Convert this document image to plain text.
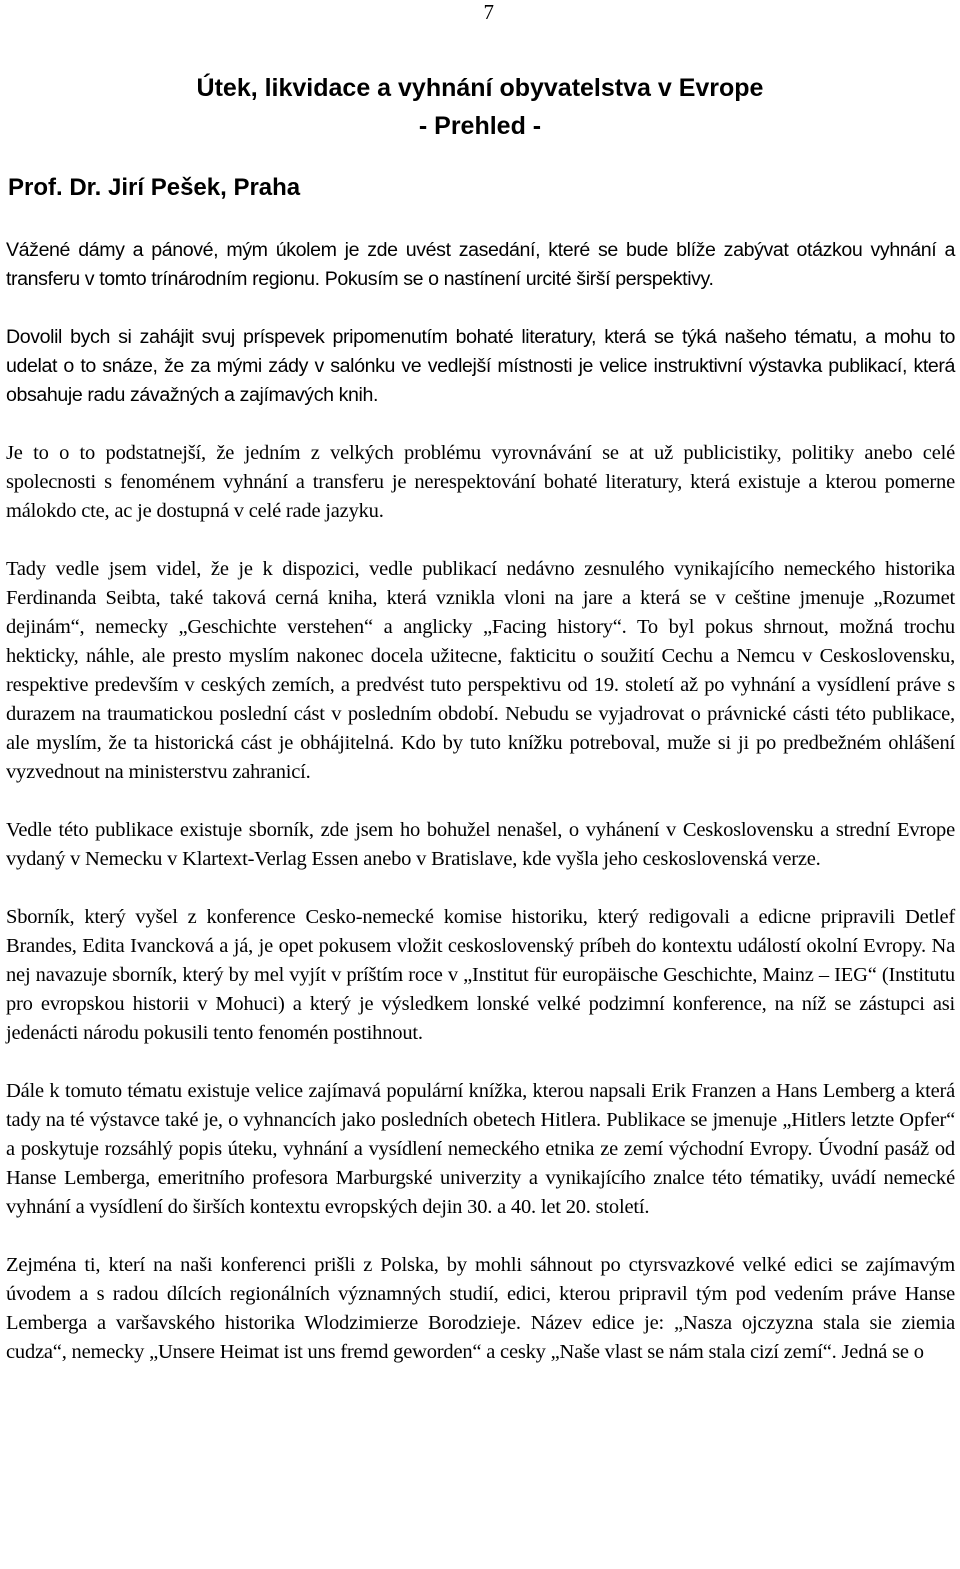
7
Útek, likvidace a vyhnání obyvatelstva v Evrope
- Prehled -
Prof. Dr. Jirí Pešek, Praha

Vážené dámy a pánové, mým úkolem je zde uvést zasedání, které se bude blíže zabývat otázkou vyhnání a transferu v tomto trínárodním regionu. Pokusím se o nastínení urcité širší perspektivy.

Dovolil bych si zahájit svuj príspevek pripomenutím bohaté literatury, která se týká našeho tématu, a mohu to udelat o to snáze, že za mými zády v salónku ve vedlejší místnosti je velice instruktivní výstavka publikací, která obsahuje radu závažných a zajímavých knih.

Je to o to podstatnejší, že jedním z velkých problému vyrovnávání se at už publicistiky, politiky anebo celé spolecnosti s fenoménem vyhnání a transferu je nerespektování bohaté literatury, která existuje a kterou pomerne málokdo cte, ac je dostupná v celé rade jazyku.

Tady vedle jsem videl, že je k dispozici, vedle publikací nedávno zesnulého vynikajícího nemeckého historika Ferdinanda Seibta, také taková cerná kniha, která vznikla vloni na jare a která se v ceštine jmenuje „Rozumet dejinám“, nemecky „Geschichte verstehen“ a anglicky „Facing history“. To byl pokus shrnout, možná trochu hekticky, náhle, ale presto myslím nakonec docela užitecne, fakticitu o soužití Cechu a Nemcu v Ceskoslovensku, respektive predevším v ceských zemích, a predvést tuto perspektivu od 19. století až po vyhnání a vysídlení práve s durazem na traumatickou poslední cást v posledním období. Nebudu se vyjadrovat o právnické cásti této publikace, ale myslím, že ta historická cást je obhájitelná. Kdo by tuto knížku potreboval, muže si ji po predbežném ohlášení vyzvednout na ministerstvu zahranicí.

Vedle této publikace existuje sborník, zde jsem ho bohužel nenašel, o vyhánení v Ceskoslovensku a strední Evrope vydaný v Nemecku v Klartext-Verlag Essen anebo v Bratislave, kde vyšla jeho ceskoslovenská verze.

Sborník, který vyšel z konference Cesko-nemecké komise historiku, který redigovali a edicne pripravili Detlef Brandes, Edita Ivancková a já, je opet pokusem vložit ceskoslovenský príbeh do kontextu událostí okolní Evropy. Na nej navazuje sborník, který by mel vyjít v príštím roce v „Institut für europäische Geschichte, Mainz – IEG“ (Institutu pro evropskou historii v Mohuci) a který je výsledkem lonské velké podzimní konference, na níž se zástupci asi jedenácti národu pokusili tento fenomén postihnout.

Dále k tomuto tématu existuje velice zajímavá populární knížka, kterou napsali Erik Franzen a Hans Lemberg a která tady na té výstavce také je, o vyhnancích jako posledních obetech Hitlera. Publikace se jmenuje „Hitlers letzte Opfer“ a poskytuje rozsáhlý popis úteku, vyhnání a vysídlení nemeckého etnika ze zemí východní Evropy. Úvodní pasáž od Hanse Lemberga, emeritního profesora Marburgské univerzity a vynikajícího znalce této tématiky, uvádí nemecké vyhnání a vysídlení do širších kontextu evropských dejin 30. a 40. let 20. století.

Zejména ti, kterí na naši konferenci prišli z Polska, by mohli sáhnout po ctyrsvazkové velké edici se zajímavým úvodem a s radou dílcích regionálních významných studií, edici, kterou pripravil tým pod vedením práve Hanse Lemberga a varšavského historika Wlodzimierze Borodzieje. Název edice je: „Nasza ojczyzna stala sie ziemia cudza“, nemecky „Unsere Heimat ist uns fremd geworden“ a cesky „Naše vlast se nám stala cizí zemí“. Jedná se o
